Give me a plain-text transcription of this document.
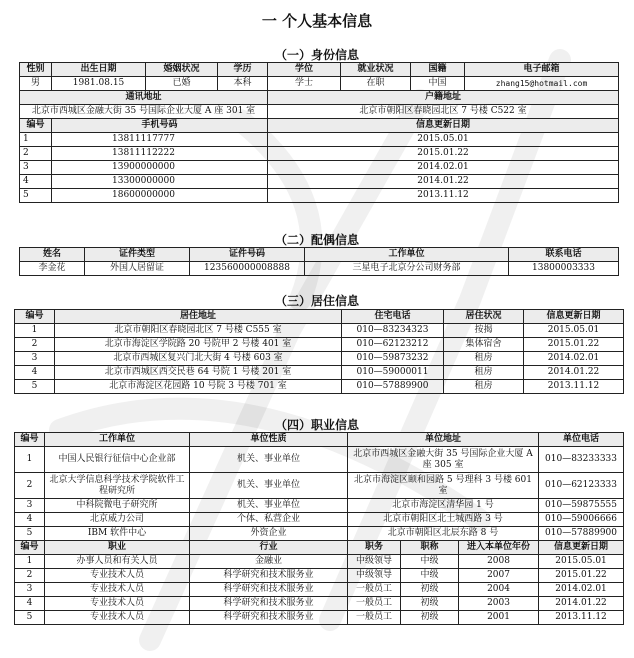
一 个人基本信息
（一）身份信息
性别	出生日期	婚姻状况	学历	学位	就业状况	国籍	电子邮箱
男	1981.08.15	已婚	本科	学士	在职	中国	zhang15@hotmail.com
通讯地址				户籍地址			
北京市西城区金融大街 35 号国际企业大厦 A 座 301 室				北京市朝阳区春晓园北区 7 号楼 C522 室			
编号	手机号码			信息更新日期			
1	13811117777			2015.05.01			
2	13811112222			2015.01.22			
3	13900000000			2014.02.01			
4	13300000000			2014.01.22			
5	18600000000			2013.11.12			
（二）配偶信息
姓名	证件类型	证件号码	工作单位	联系电话
李金花	外国人居留证	123560000008888	三星电子北京分公司财务部	13800003333
（三）居住信息
编号	居住地址	住宅电话	居住状况	信息更新日期
1	北京市朝阳区春晓园北区 7 号楼 C555 室	010—83234323	按揭	2015.05.01
2	北京市海淀区学院路 20 号院甲 2 号楼 401 室	010—62123212	集体宿舍	2015.01.22
3	北京市西城区复兴门北大街 4 号楼 603 室	010—59873232	租房	2014.02.01
4	北京市西城区西交民巷 64 号院 1 号楼 201 室	010—59000011	租房	2014.01.22
5	北京市海淀区花园路 10 号院 3 号楼 701 室	010—57889900	租房	2013.11.12
（四）职业信息
编号	工作单位	单位性质	单位地址			单位电话
1	中国人民银行征信中心企业部	机关、事业单位	北京市西城区金融大街 35 号国际企业大厦 A 座 305 室			010—83233333
2	北京大学信息科学技术学院软件工程研究所	机关、事业单位	北京市海淀区颐和园路 5 号理科 3 号楼 601 室			010—62123333
3	中科院微电子研究所	机关、事业单位	北京市海淀区清华园 1 号			010—59875555
4	北京威力公司	个体、私营企业	北京市朝阳区北土城西路 3 号			010—59006666
5	IBM 软件中心	外资企业	北京市朝阳区北辰东路 8 号			010—57889900
编号	职业	行业	职务	职称	进入本单位年份	信息更新日期
1	办事人员和有关人员	金融业	中级领导	中级	2008	2015.05.01
2	专业技术人员	科学研究和技术服务业	中级领导	中级	2007	2015.01.22
3	专业技术人员	科学研究和技术服务业	一般员工	初级	2004	2014.02.01
4	专业技术人员	科学研究和技术服务业	一般员工	初级	2003	2014.01.22
5	专业技术人员	科学研究和技术服务业	一般员工	初级	2001	2013.11.12
